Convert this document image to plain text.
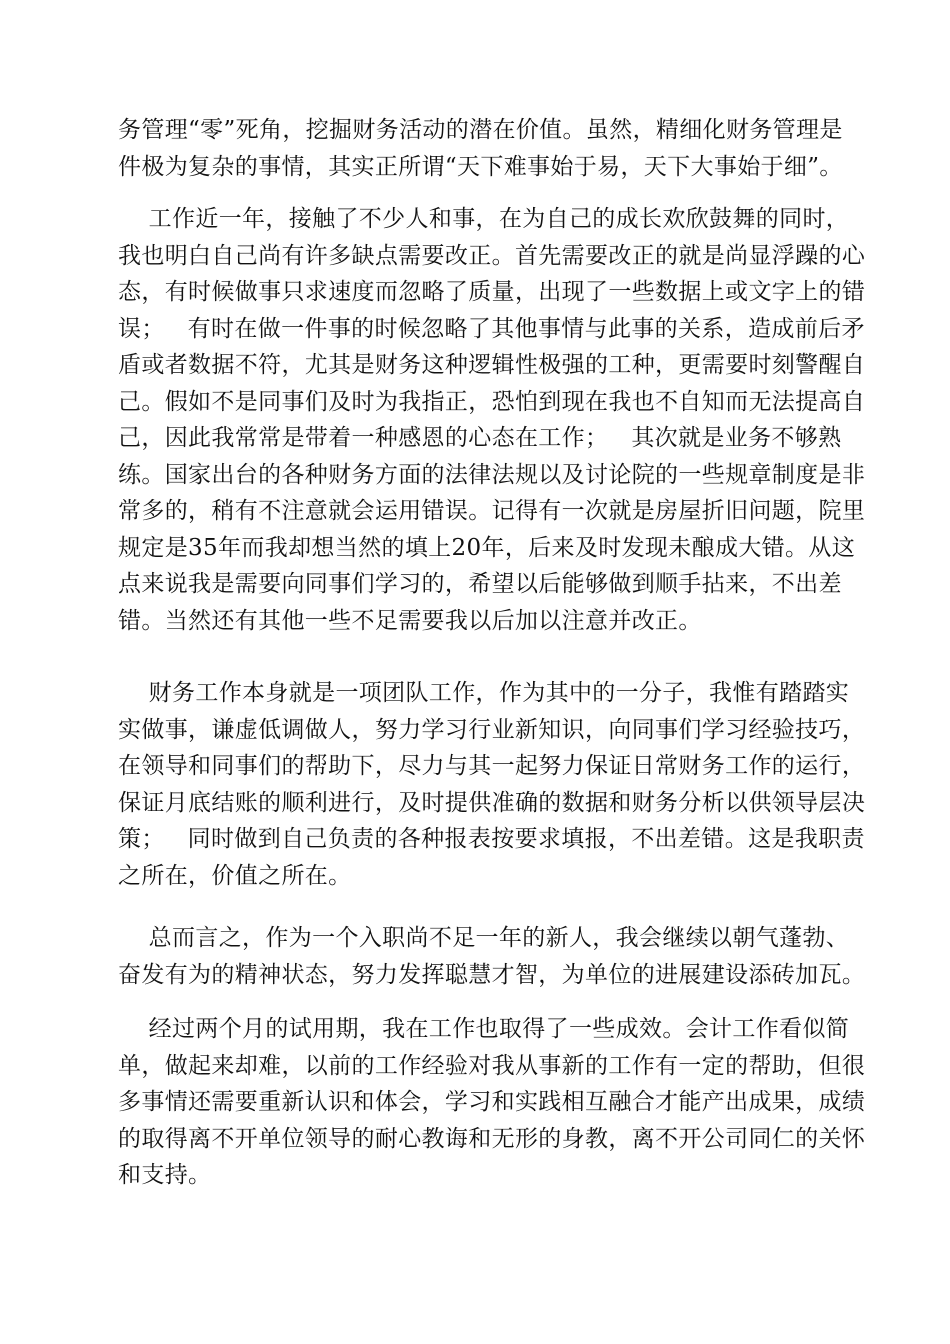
务管理“零”死角，挖掘财务活动的潜在价值。虽然，精细化财务管理是
件极为复杂的事情，其实正所谓“天下难事始于易，天下大事始于细”。
工作近一年，接触了不少人和事，在为自己的成长欢欣鼓舞的同时，
我也明白自己尚有许多缺点需要改正。首先需要改正的就是尚显浮躁的心
态，有时候做事只求速度而忽略了质量，出现了一些数据上或文字上的错
误；   有时在做一件事的时候忽略了其他事情与此事的关系，造成前后矛
盾或者数据不符，尤其是财务这种逻辑性极强的工种，更需要时刻警醒自
己。假如不是同事们及时为我指正，恐怕到现在我也不自知而无法提高自
己，因此我常常是带着一种感恩的心态在工作；   其次就是业务不够熟
练。国家出台的各种财务方面的法律法规以及讨论院的一些规章制度是非
常多的，稍有不注意就会运用错误。记得有一次就是房屋折旧问题，院里
规定是35年而我却想当然的填上20年，后来及时发现未酿成大错。从这
点来说我是需要向同事们学习的，希望以后能够做到顺手拈来，不出差
错。当然还有其他一些不足需要我以后加以注意并改正。
财务工作本身就是一项团队工作，作为其中的一分子，我惟有踏踏实
实做事，谦虚低调做人，努力学习行业新知识，向同事们学习经验技巧，
在领导和同事们的帮助下，尽力与其一起努力保证日常财务工作的运行，
保证月底结账的顺利进行，及时提供准确的数据和财务分析以供领导层决
策；   同时做到自己负责的各种报表按要求填报，不出差错。这是我职责
之所在，价值之所在。
总而言之，作为一个入职尚不足一年的新人，我会继续以朝气蓬勃、
奋发有为的精神状态，努力发挥聪慧才智，为单位的进展建设添砖加瓦。
经过两个月的试用期，我在工作也取得了一些成效。会计工作看似简
单，做起来却难，以前的工作经验对我从事新的工作有一定的帮助，但很
多事情还需要重新认识和体会，学习和实践相互融合才能产出成果，成绩
的取得离不开单位领导的耐心教诲和无形的身教，离不开公司同仁的关怀
和支持。
